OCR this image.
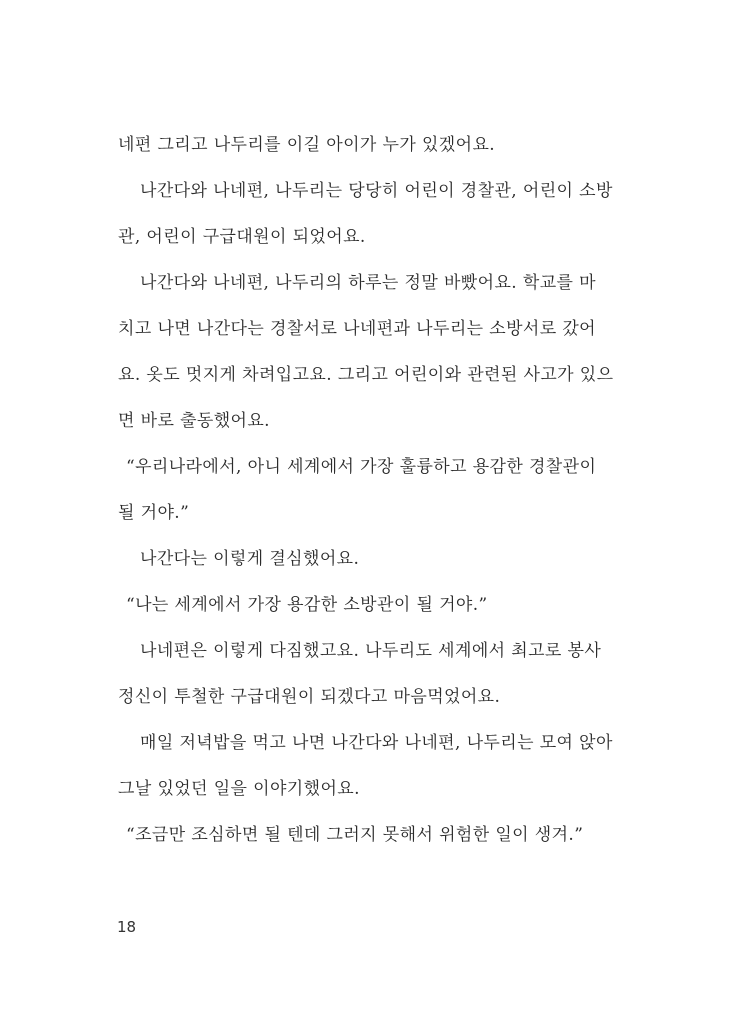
네편 그리고 나두리를 이길 아이가 누가 있겠어요.
나간다와 나네편, 나두리는 당당히 어린이 경찰관, 어린이 소방
관, 어린이 구급대원이 되었어요.
나간다와 나네편, 나두리의 하루는 정말 바빴어요. 학교를 마
치고 나면 나간다는 경찰서로 나네편과 나두리는 소방서로 갔어
요. 옷도 멋지게 차려입고요. 그리고 어린이와 관련된 사고가 있으
면 바로 출동했어요.
“우리나라에서, 아니 세계에서 가장 훌륭하고 용감한 경찰관이
될 거야.”
나간다는 이렇게 결심했어요.
“나는 세계에서 가장 용감한 소방관이 될 거야.”
나네편은 이렇게 다짐했고요. 나두리도 세계에서 최고로 봉사
정신이 투철한 구급대원이 되겠다고 마음먹었어요.
매일 저녁밥을 먹고 나면 나간다와 나네편, 나두리는 모여 앉아
그날 있었던 일을 이야기했어요.
“조금만 조심하면 될 텐데 그러지 못해서 위험한 일이 생겨.”
18
